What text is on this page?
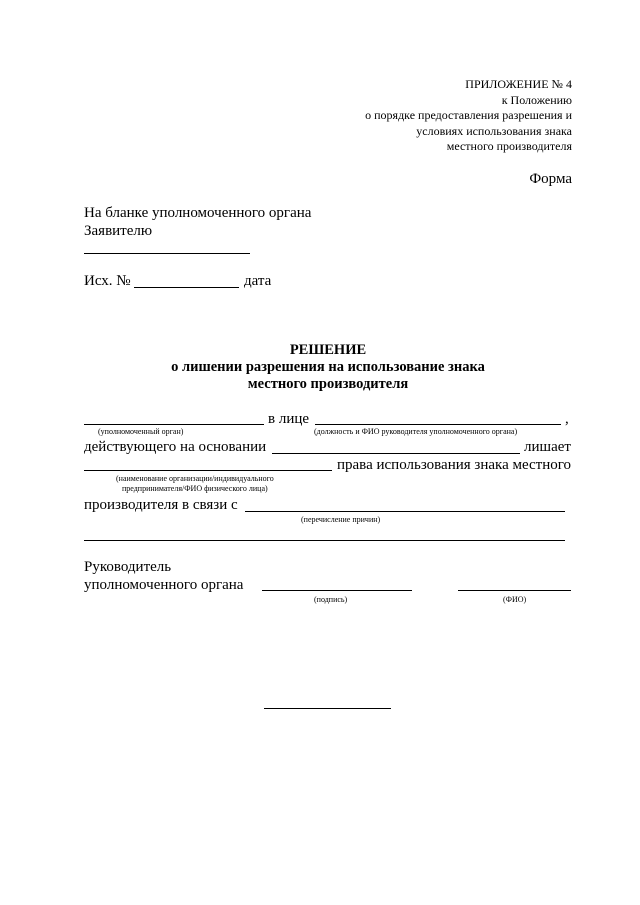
ПРИЛОЖЕНИЕ № 4
к Положению
о порядке предоставления разрешения и
условиях использования знака
местного производителя
Форма
На бланке уполномоченного органа
Заявителю
Исх. №	дата
РЕШЕНИЕ
о лишении разрешения на использование знака
местного производителя
в лице	,
(уполномоченный орган)	(должность и ФИО руководителя уполномоченного органа)
действующего на основании	лишает
права использования знака местного
(наименование организации/индивидуального
предпринимателя/ФИО физического лица)
производителя в связи с
(перечисление причин)
Руководитель
уполномоченного органа
(подпись)	(ФИО)
